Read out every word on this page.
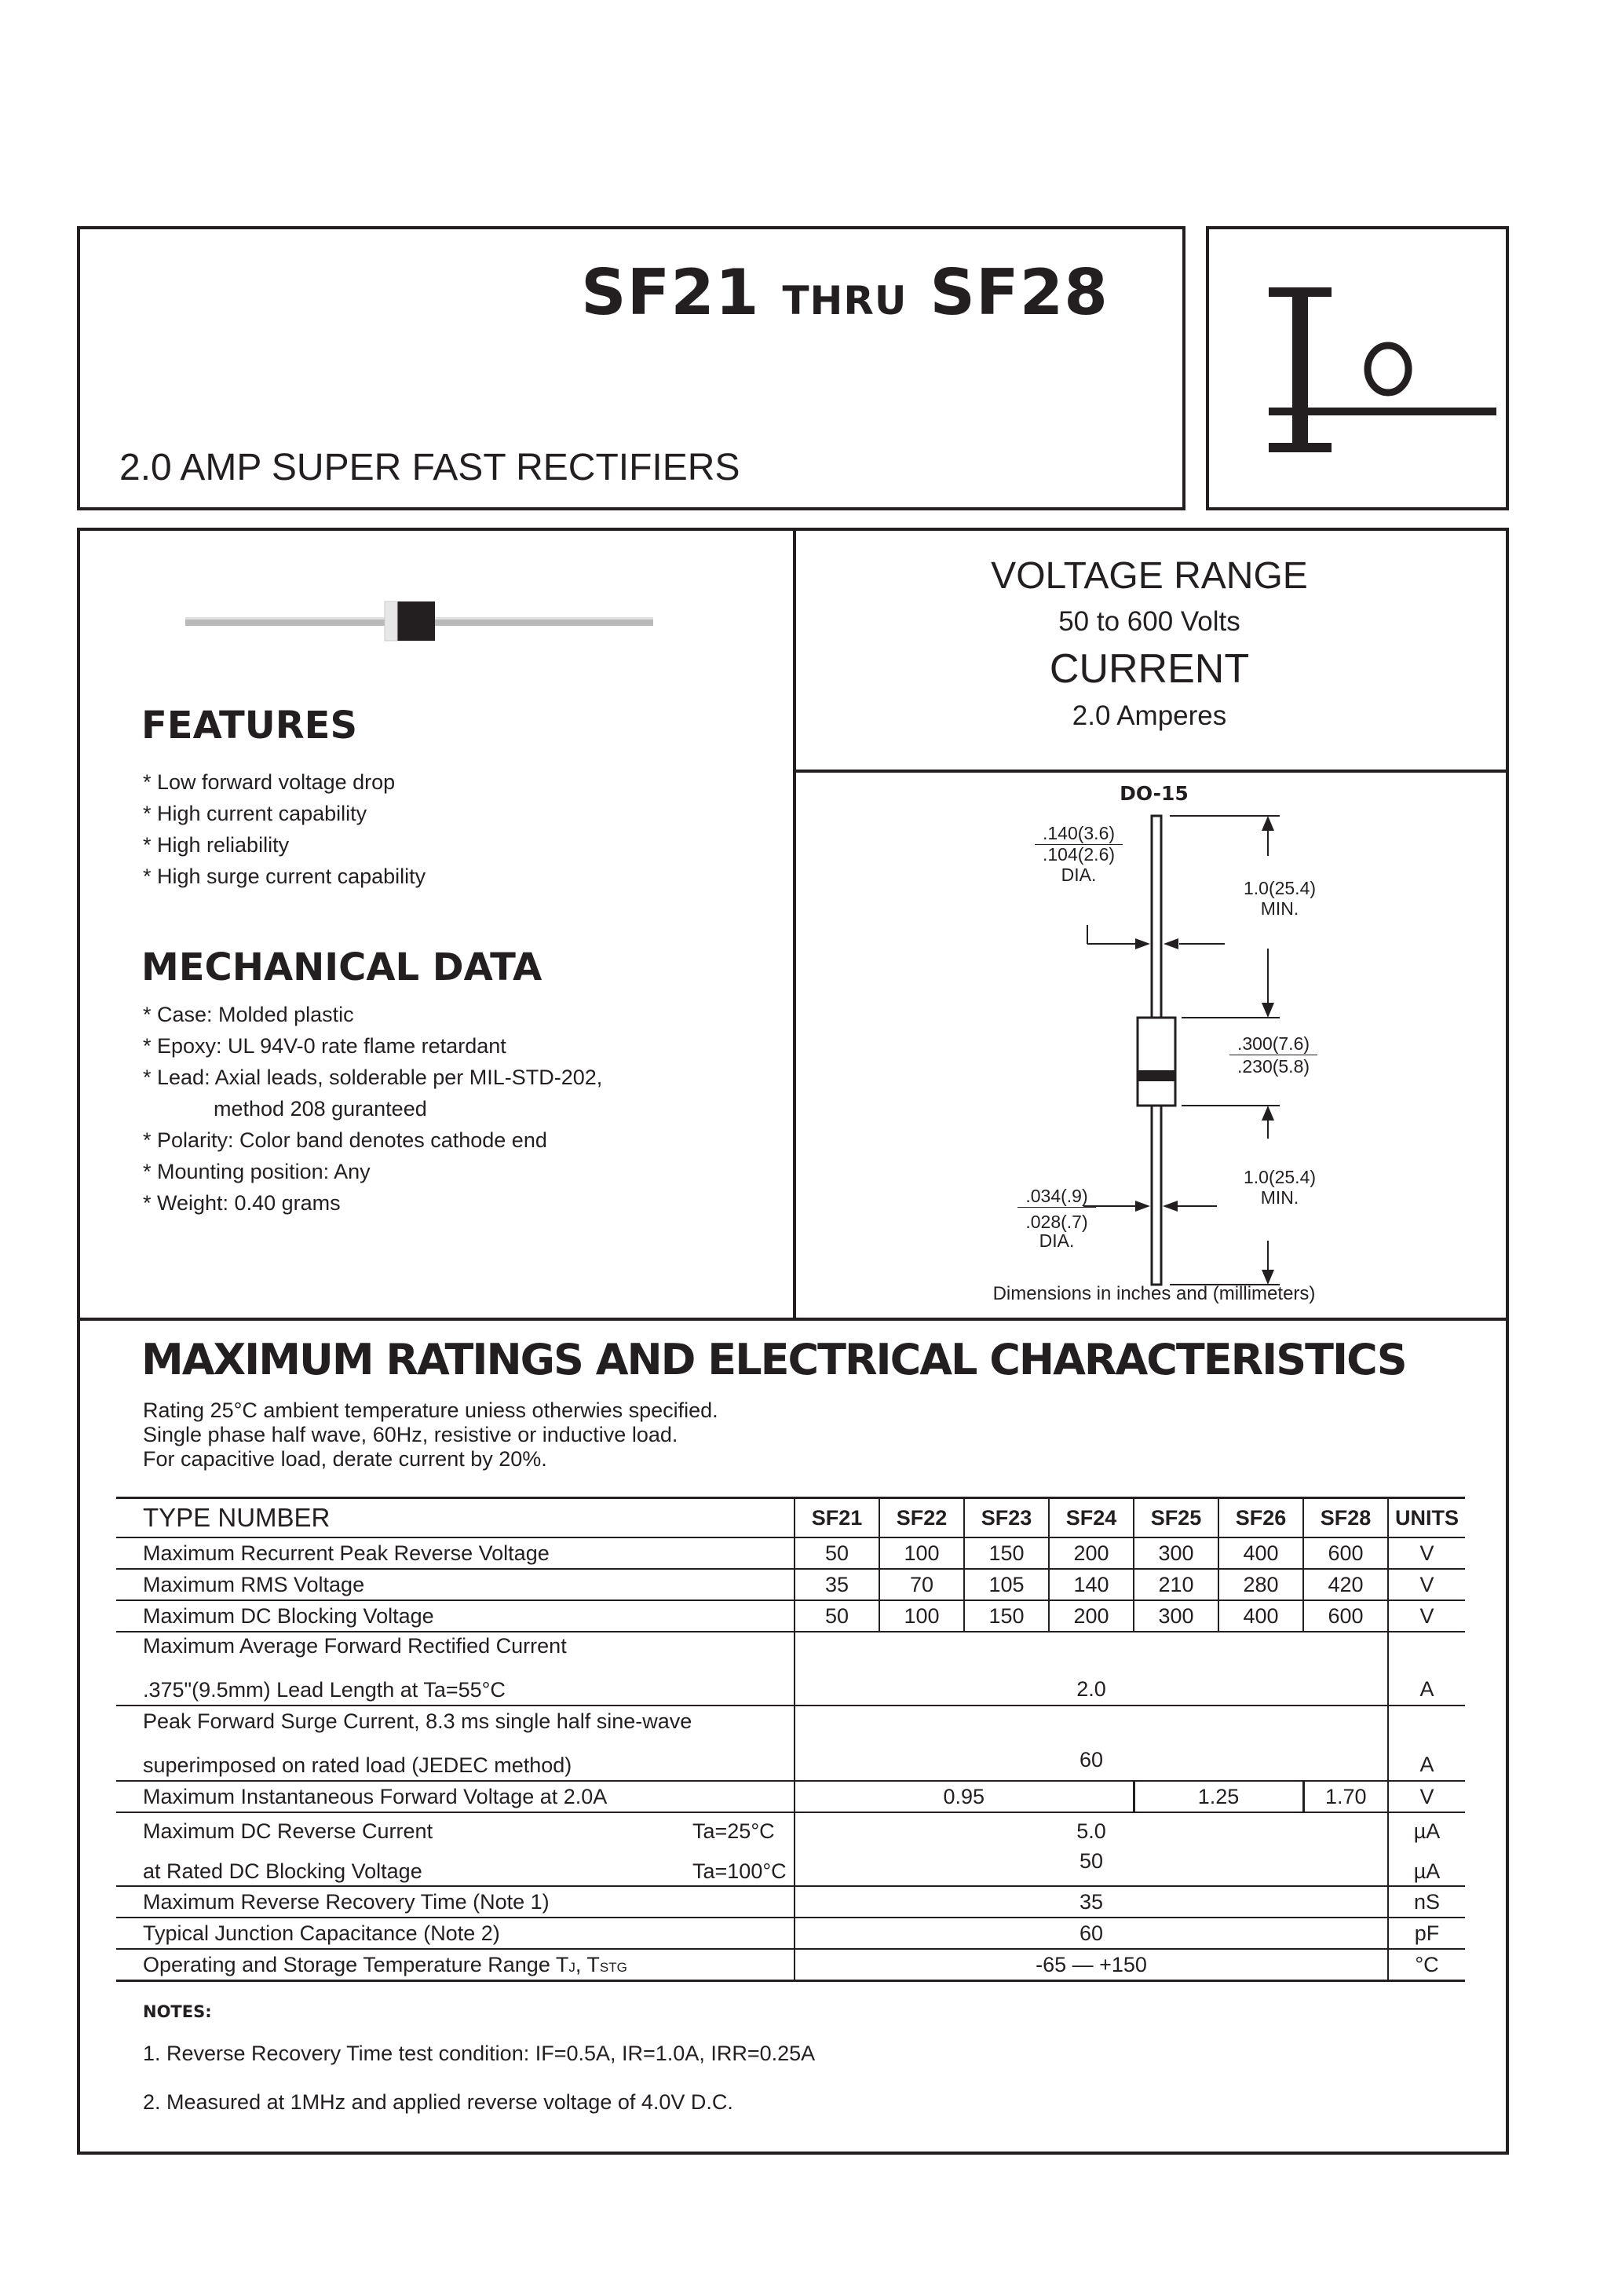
SF21 THRU SF28
2.0 AMP SUPER FAST RECTIFIERS
FEATURES
* Low forward voltage drop
* High current capability
* High reliability
* High surge current capability
MECHANICAL DATA
* Case: Molded plastic
* Epoxy: UL 94V-0 rate flame retardant
* Lead: Axial leads, solderable per MIL-STD-202,
method 208 guranteed
* Polarity: Color band denotes cathode end
* Mounting position: Any
* Weight: 0.40 grams
VOLTAGE RANGE
50 to 600 Volts
CURRENT
2.0 Amperes
DO-15
.140(3.6)
.104(2.6)
DIA.
1.0(25.4)
MIN.
.300(7.6)
.230(5.8)
1.0(25.4)
MIN.
.034(.9)
.028(.7)
DIA.
Dimensions in inches and (millimeters)
MAXIMUM RATINGS AND ELECTRICAL CHARACTERISTICS
Rating 25°C ambient temperature uniess otherwies specified.
Single phase half wave, 60Hz, resistive or inductive load.
For capacitive load, derate current by 20%.
TYPE NUMBER	SF21	SF22	SF23	SF24	SF25	SF26	SF28	UNITS
Maximum Recurrent Peak Reverse Voltage	50	100	150	200	300	400	600	V
Maximum RMS Voltage	35	70	105	140	210	280	420	V
Maximum DC Blocking Voltage	50	100	150	200	300	400	600	V
Maximum Average Forward Rectified Current	2.0							A
.375"(9.5mm) Lead Length at Ta=55°C								
Peak Forward Surge Current, 8.3 ms single half sine-wave	60							A
superimposed on rated load (JEDEC method)								
Maximum Instantaneous Forward Voltage at 2.0A	0.95				1.25		1.70	V
Maximum DC Reverse Current Ta=25°C	5.0							µA
at Rated DC Blocking Voltage Ta=100°C	50							µA
Maximum Reverse Recovery Time (Note 1)	35							nS
Typical Junction Capacitance (Note 2)	60							pF
Operating and Storage Temperature Range TJ, TSTG	-65 — +150							°C
NOTES:
1. Reverse Recovery Time test condition: IF=0.5A, IR=1.0A, IRR=0.25A
2. Measured at 1MHz and applied reverse voltage of 4.0V D.C.
